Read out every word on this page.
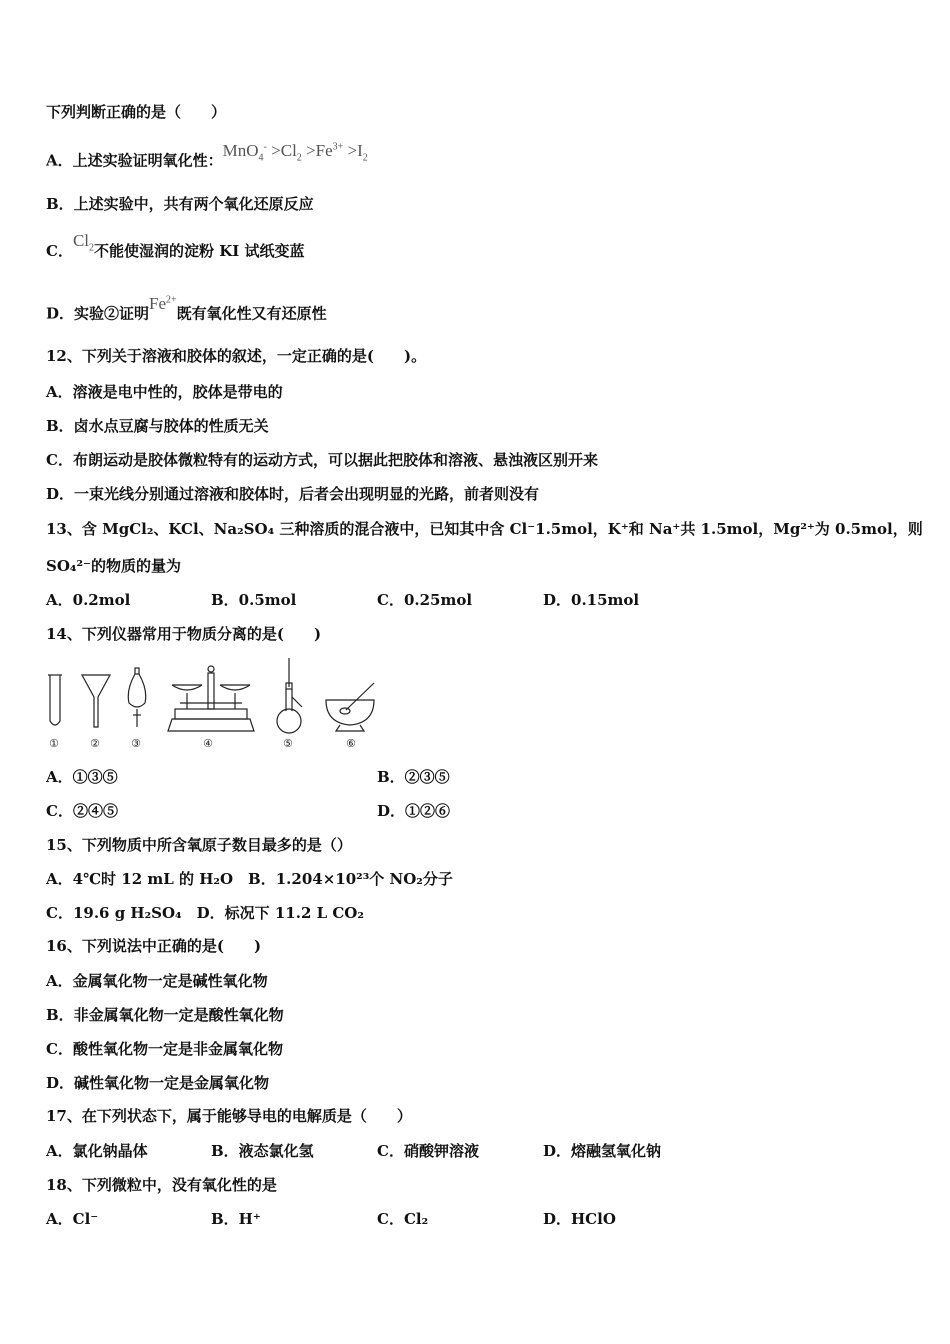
下列判断正确的是（　　）
A．上述实验证明氧化性：$MnO_4^- >Cl_2 >Fe^{3+} >I_2$
B．上述实验中，共有两个氧化还原反应
C．$Cl_2$不能使湿润的淀粉 KI 试纸变蓝
D．实验②证明$Fe^{2+}$既有氧化性又有还原性
12、下列关于溶液和胶体的叙述，一定正确的是(　　)。
A．溶液是电中性的，胶体是带电的
B．卤水点豆腐与胶体的性质无关
C．布朗运动是胶体微粒特有的运动方式，可以据此把胶体和溶液、悬浊液区别开来
D．一束光线分别通过溶液和胶体时，后者会出现明显的光路，前者则没有
13、含 MgCl₂、KCl、Na₂SO₄ 三种溶质的混合液中，已知其中含 Cl⁻1.5mol，K⁺和 Na⁺共 1.5mol，Mg²⁺为 0.5mol，则
SO₄²⁻的物质的量为
A．0.2mol	B．0.5mol	C．0.25mol	D．0.15mol
14、下列仪器常用于物质分离的是(　　)
①	②	③	④	⑤	⑥
A．①③⑤	B．②③⑤
C．②④⑤	D．①②⑥
15、下列物质中所含氧原子数目最多的是（）
A．4℃时 12 mL 的 H₂O　B．1.204×10²³个 NO₂分子
C．19.6 g H₂SO₄　D．标况下 11.2 L CO₂
16、下列说法中正确的是(　　)
A．金属氧化物一定是碱性氧化物
B．非金属氧化物一定是酸性氧化物
C．酸性氧化物一定是非金属氧化物
D．碱性氧化物一定是金属氧化物
17、在下列状态下，属于能够导电的电解质是（　　）
A．氯化钠晶体	B．液态氯化氢	C．硝酸钾溶液	D．熔融氢氧化钠
18、下列微粒中，没有氧化性的是
A．Cl⁻	B．H⁺	C．Cl₂	D．HClO
